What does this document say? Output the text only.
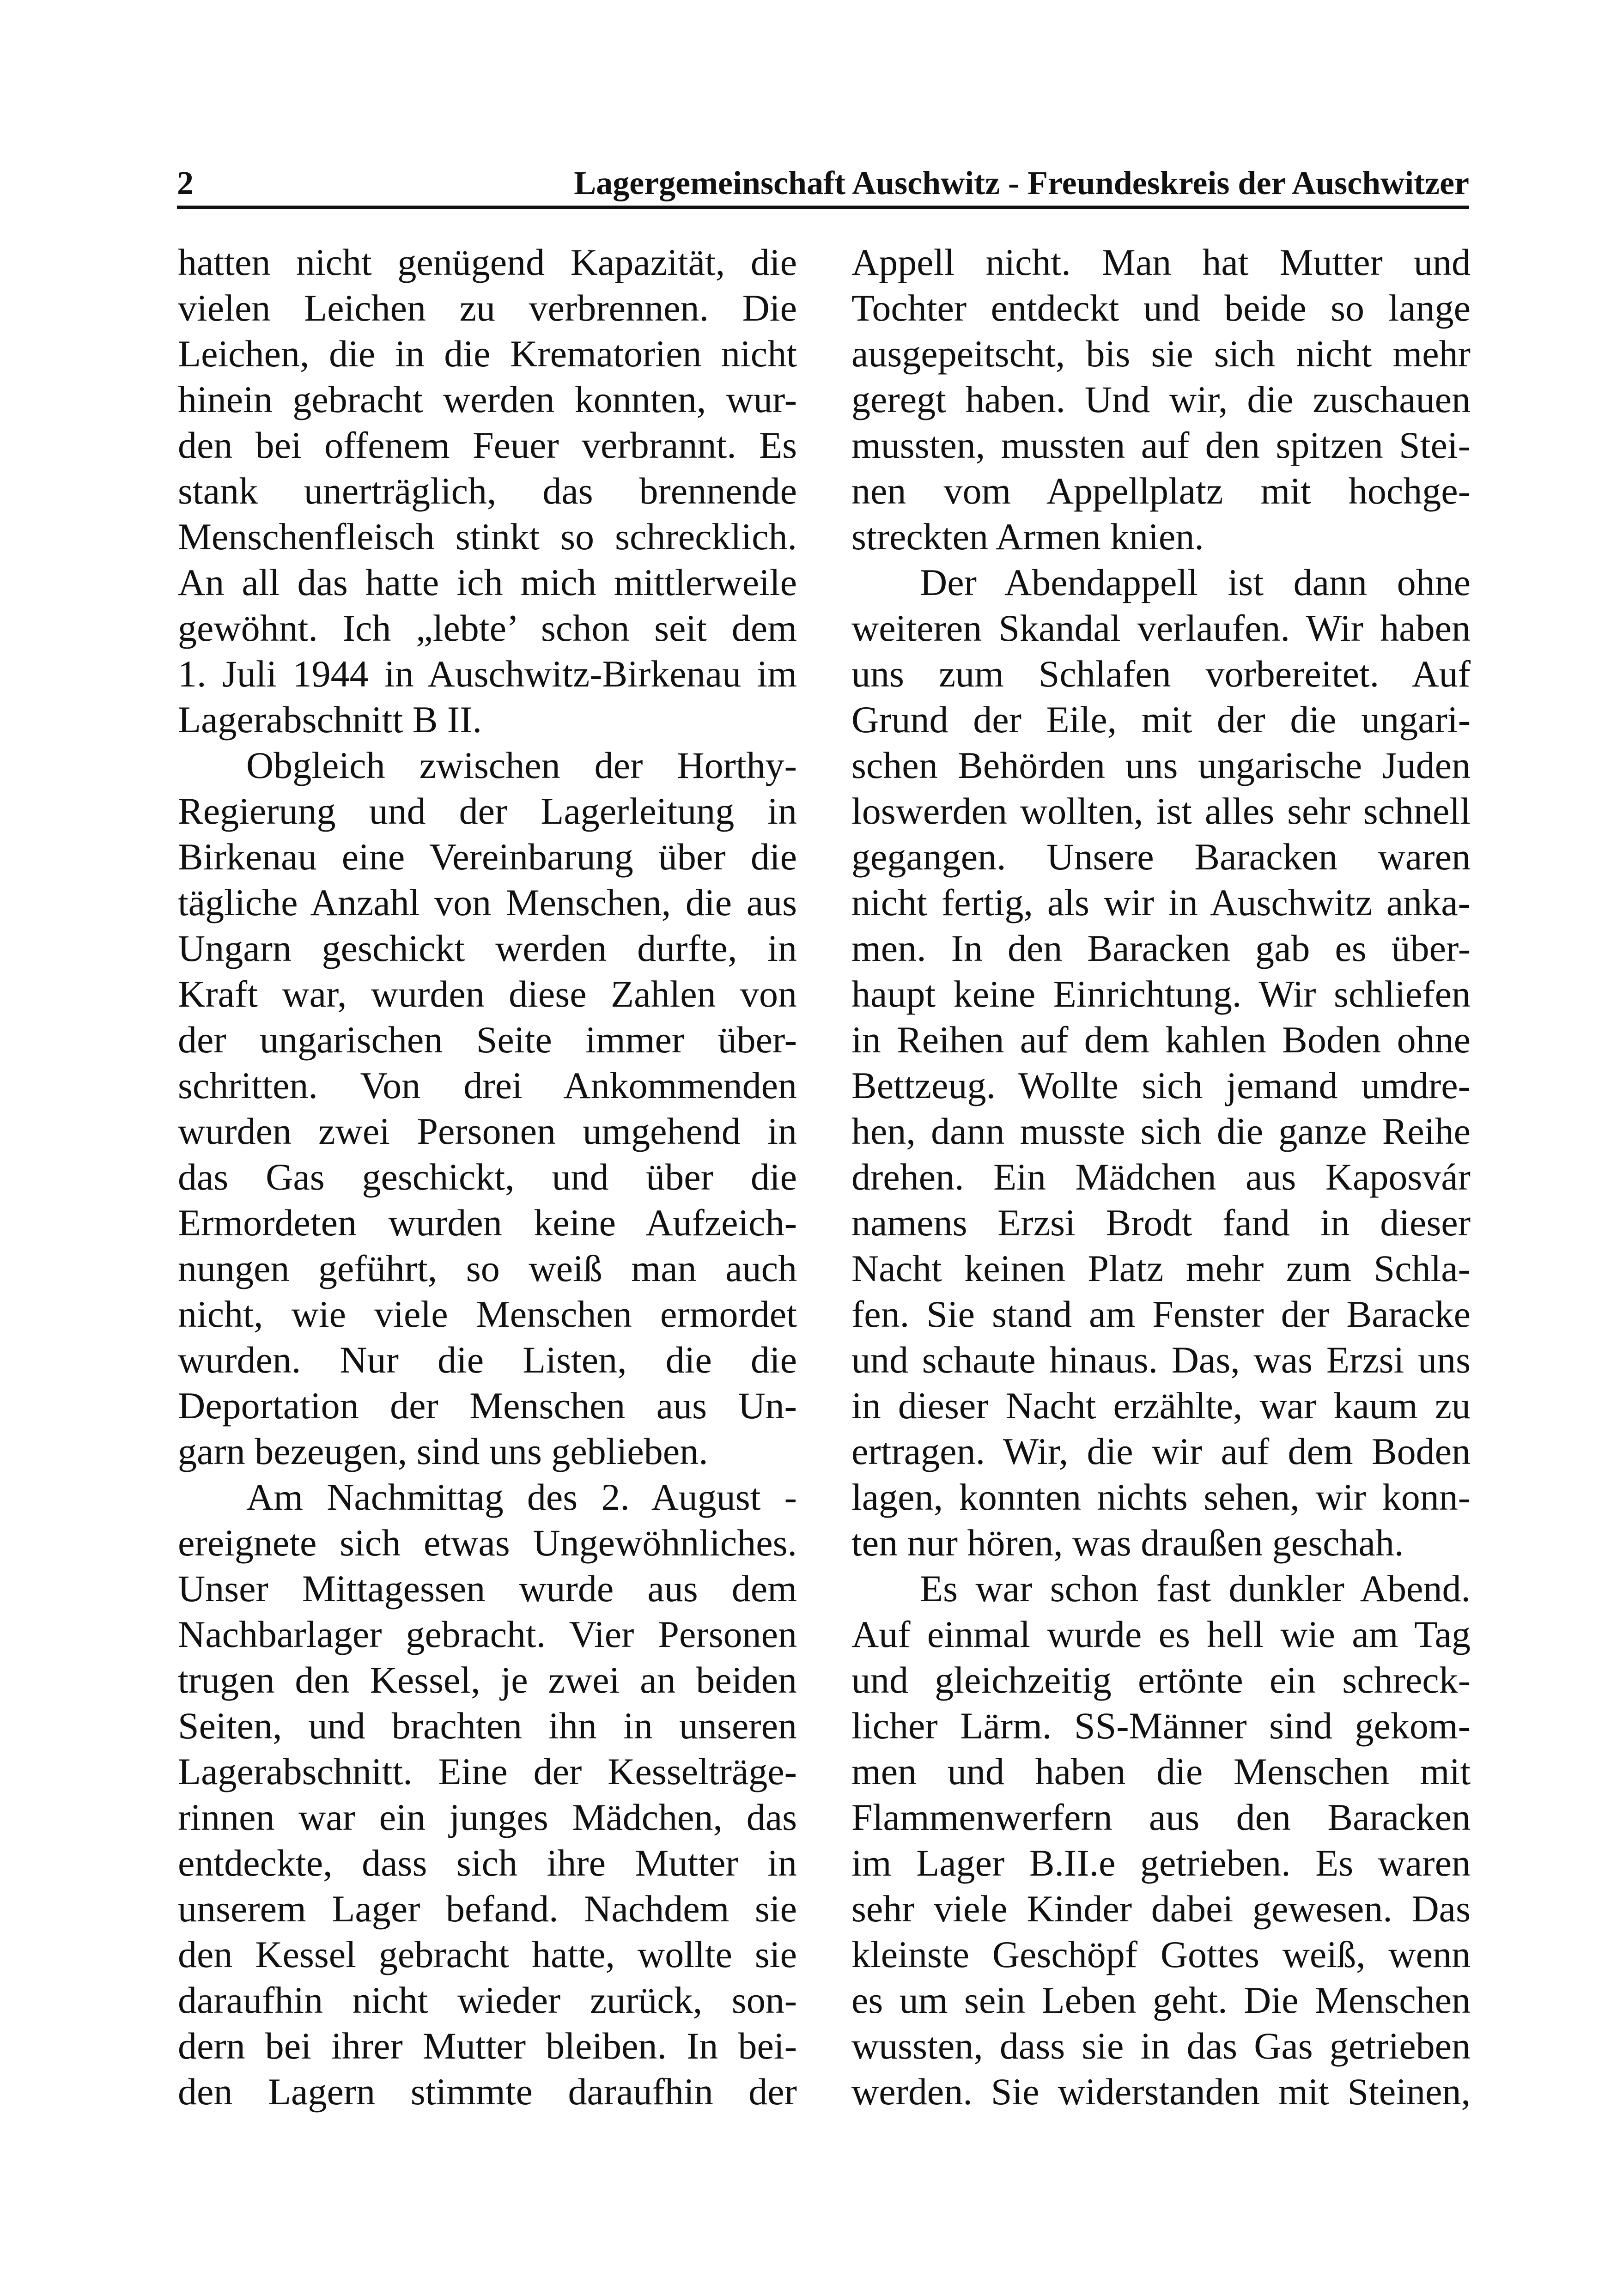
2	Lagergemeinschaft Auschwitz - Freundeskreis der Auschwitzer
hatten nicht genügend Kapazität, die
vielen Leichen zu verbrennen. Die
Leichen, die in die Krematorien nicht
hinein gebracht werden konnten, wur-
den bei offenem Feuer verbrannt. Es
stank unerträglich, das brennende
Menschenfleisch stinkt so schrecklich.
An all das hatte ich mich mittlerweile
gewöhnt. Ich „lebte’ schon seit dem
1. Juli 1944 in Auschwitz-Birkenau im
Lagerabschnitt B II.
Obgleich zwischen der Horthy-
Regierung und der Lagerleitung in
Birkenau eine Vereinbarung über die
tägliche Anzahl von Menschen, die aus
Ungarn geschickt werden durfte, in
Kraft war, wurden diese Zahlen von
der ungarischen Seite immer über-
schritten. Von drei Ankommenden
wurden zwei Personen umgehend in
das Gas geschickt, und über die
Ermordeten wurden keine Aufzeich-
nungen geführt, so weiß man auch
nicht, wie viele Menschen ermordet
wurden. Nur die Listen, die die
Deportation der Menschen aus Un-
garn bezeugen, sind uns geblieben.
Am Nachmittag des 2. August -
ereignete sich etwas Ungewöhnliches.
Unser Mittagessen wurde aus dem
Nachbarlager gebracht. Vier Personen
trugen den Kessel, je zwei an beiden
Seiten, und brachten ihn in unseren
Lagerabschnitt. Eine der Kesselträge-
rinnen war ein junges Mädchen, das
entdeckte, dass sich ihre Mutter in
unserem Lager befand. Nachdem sie
den Kessel gebracht hatte, wollte sie
daraufhin nicht wieder zurück, son-
dern bei ihrer Mutter bleiben. In bei-
den Lagern stimmte daraufhin der
Appell nicht. Man hat Mutter und
Tochter entdeckt und beide so lange
ausgepeitscht, bis sie sich nicht mehr
geregt haben. Und wir, die zuschauen
mussten, mussten auf den spitzen Stei-
nen vom Appellplatz mit hochge-
streckten Armen knien.
Der Abendappell ist dann ohne
weiteren Skandal verlaufen. Wir haben
uns zum Schlafen vorbereitet. Auf
Grund der Eile, mit der die ungari-
schen Behörden uns ungarische Juden
loswerden wollten, ist alles sehr schnell
gegangen. Unsere Baracken waren
nicht fertig, als wir in Auschwitz anka-
men. In den Baracken gab es über-
haupt keine Einrichtung. Wir schliefen
in Reihen auf dem kahlen Boden ohne
Bettzeug. Wollte sich jemand umdre-
hen, dann musste sich die ganze Reihe
drehen. Ein Mädchen aus Kaposvár
namens Erzsi Brodt fand in dieser
Nacht keinen Platz mehr zum Schla-
fen. Sie stand am Fenster der Baracke
und schaute hinaus. Das, was Erzsi uns
in dieser Nacht erzählte, war kaum zu
ertragen. Wir, die wir auf dem Boden
lagen, konnten nichts sehen, wir konn-
ten nur hören, was draußen geschah.
Es war schon fast dunkler Abend.
Auf einmal wurde es hell wie am Tag
und gleichzeitig ertönte ein schreck-
licher Lärm. SS-Männer sind gekom-
men und haben die Menschen mit
Flammenwerfern aus den Baracken
im Lager B.II.e getrieben. Es waren
sehr viele Kinder dabei gewesen. Das
kleinste Geschöpf Gottes weiß, wenn
es um sein Leben geht. Die Menschen
wussten, dass sie in das Gas getrieben
werden. Sie widerstanden mit Steinen,
